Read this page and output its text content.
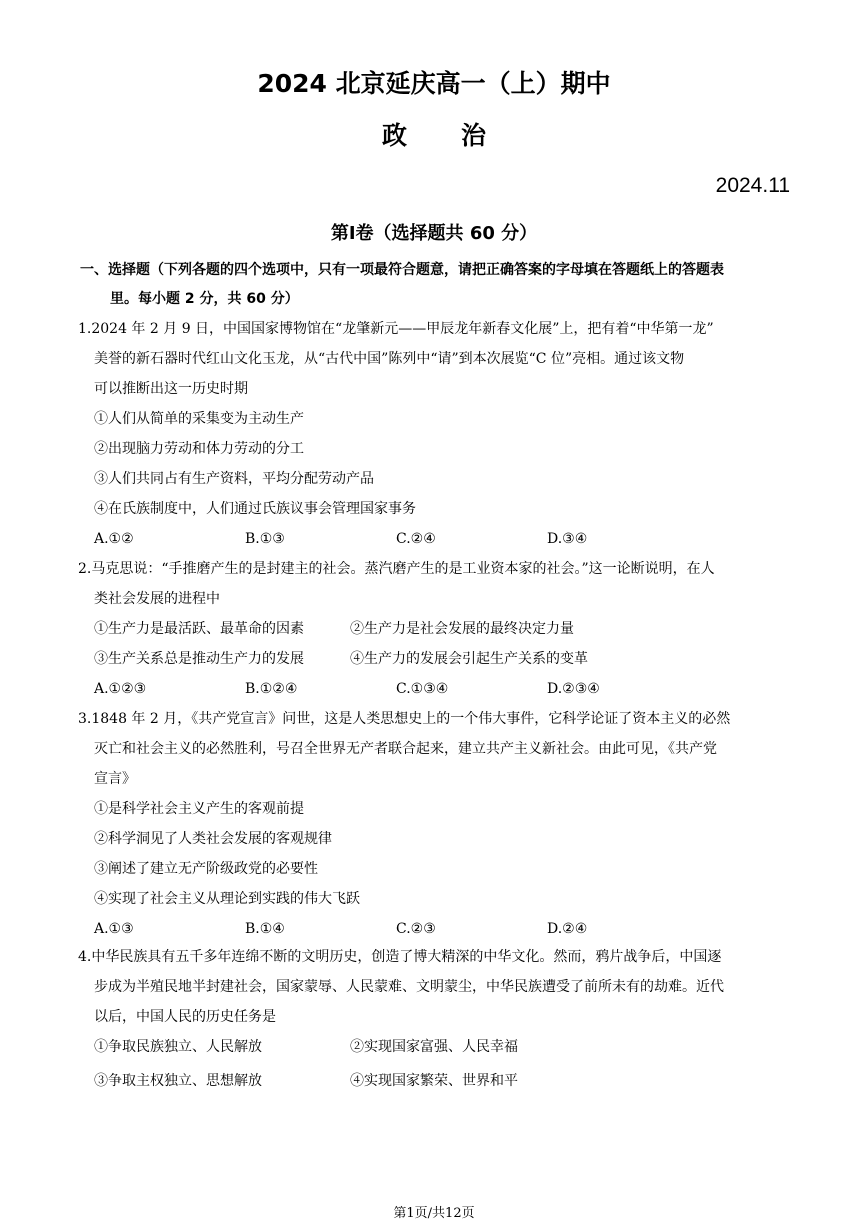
2024 北京延庆高一（上）期中
政治
2024.11
第Ⅰ卷（选择题共 60 分）
一、选择题（下列各题的四个选项中，只有一项最符合题意，请把正确答案的字母填在答题纸上的答题表
里。每小题 2 分，共 60 分）
1.2024 年 2 月 9 日，中国国家博物馆在“龙肇新元——甲辰龙年新春文化展”上，把有着“中华第一龙”
美誉的新石器时代红山文化玉龙，从“古代中国”陈列中“请”到本次展览“C 位”亮相。通过该文物
可以推断出这一历史时期
①人们从简单的采集变为主动生产
②出现脑力劳动和体力劳动的分工
③人们共同占有生产资料，平均分配劳动产品
④在氏族制度中，人们通过氏族议事会管理国家事务
A.①②	B.①③	C.②④	D.③④
2.马克思说：“手推磨产生的是封建主的社会。蒸汽磨产生的是工业资本家的社会。”这一论断说明，在人
类社会发展的进程中
①生产力是最活跃、最革命的因素	②生产力是社会发展的最终决定力量
③生产关系总是推动生产力的发展	④生产力的发展会引起生产关系的变革
A.①②③	B.①②④	C.①③④	D.②③④
3.1848 年 2 月，《共产党宣言》问世，这是人类思想史上的一个伟大事件，它科学论证了资本主义的必然
灭亡和社会主义的必然胜利，号召全世界无产者联合起来，建立共产主义新社会。由此可见，《共产党
宣言》
①是科学社会主义产生的客观前提
②科学洞见了人类社会发展的客观规律
③阐述了建立无产阶级政党的必要性
④实现了社会主义从理论到实践的伟大飞跃
A.①③	B.①④	C.②③	D.②④
4.中华民族具有五千多年连绵不断的文明历史，创造了博大精深的中华文化。然而，鸦片战争后，中国逐
步成为半殖民地半封建社会，国家蒙辱、人民蒙难、文明蒙尘，中华民族遭受了前所未有的劫难。近代
以后，中国人民的历史任务是
①争取民族独立、人民解放	②实现国家富强、人民幸福
③争取主权独立、思想解放	④实现国家繁荣、世界和平
第1页/共12页
